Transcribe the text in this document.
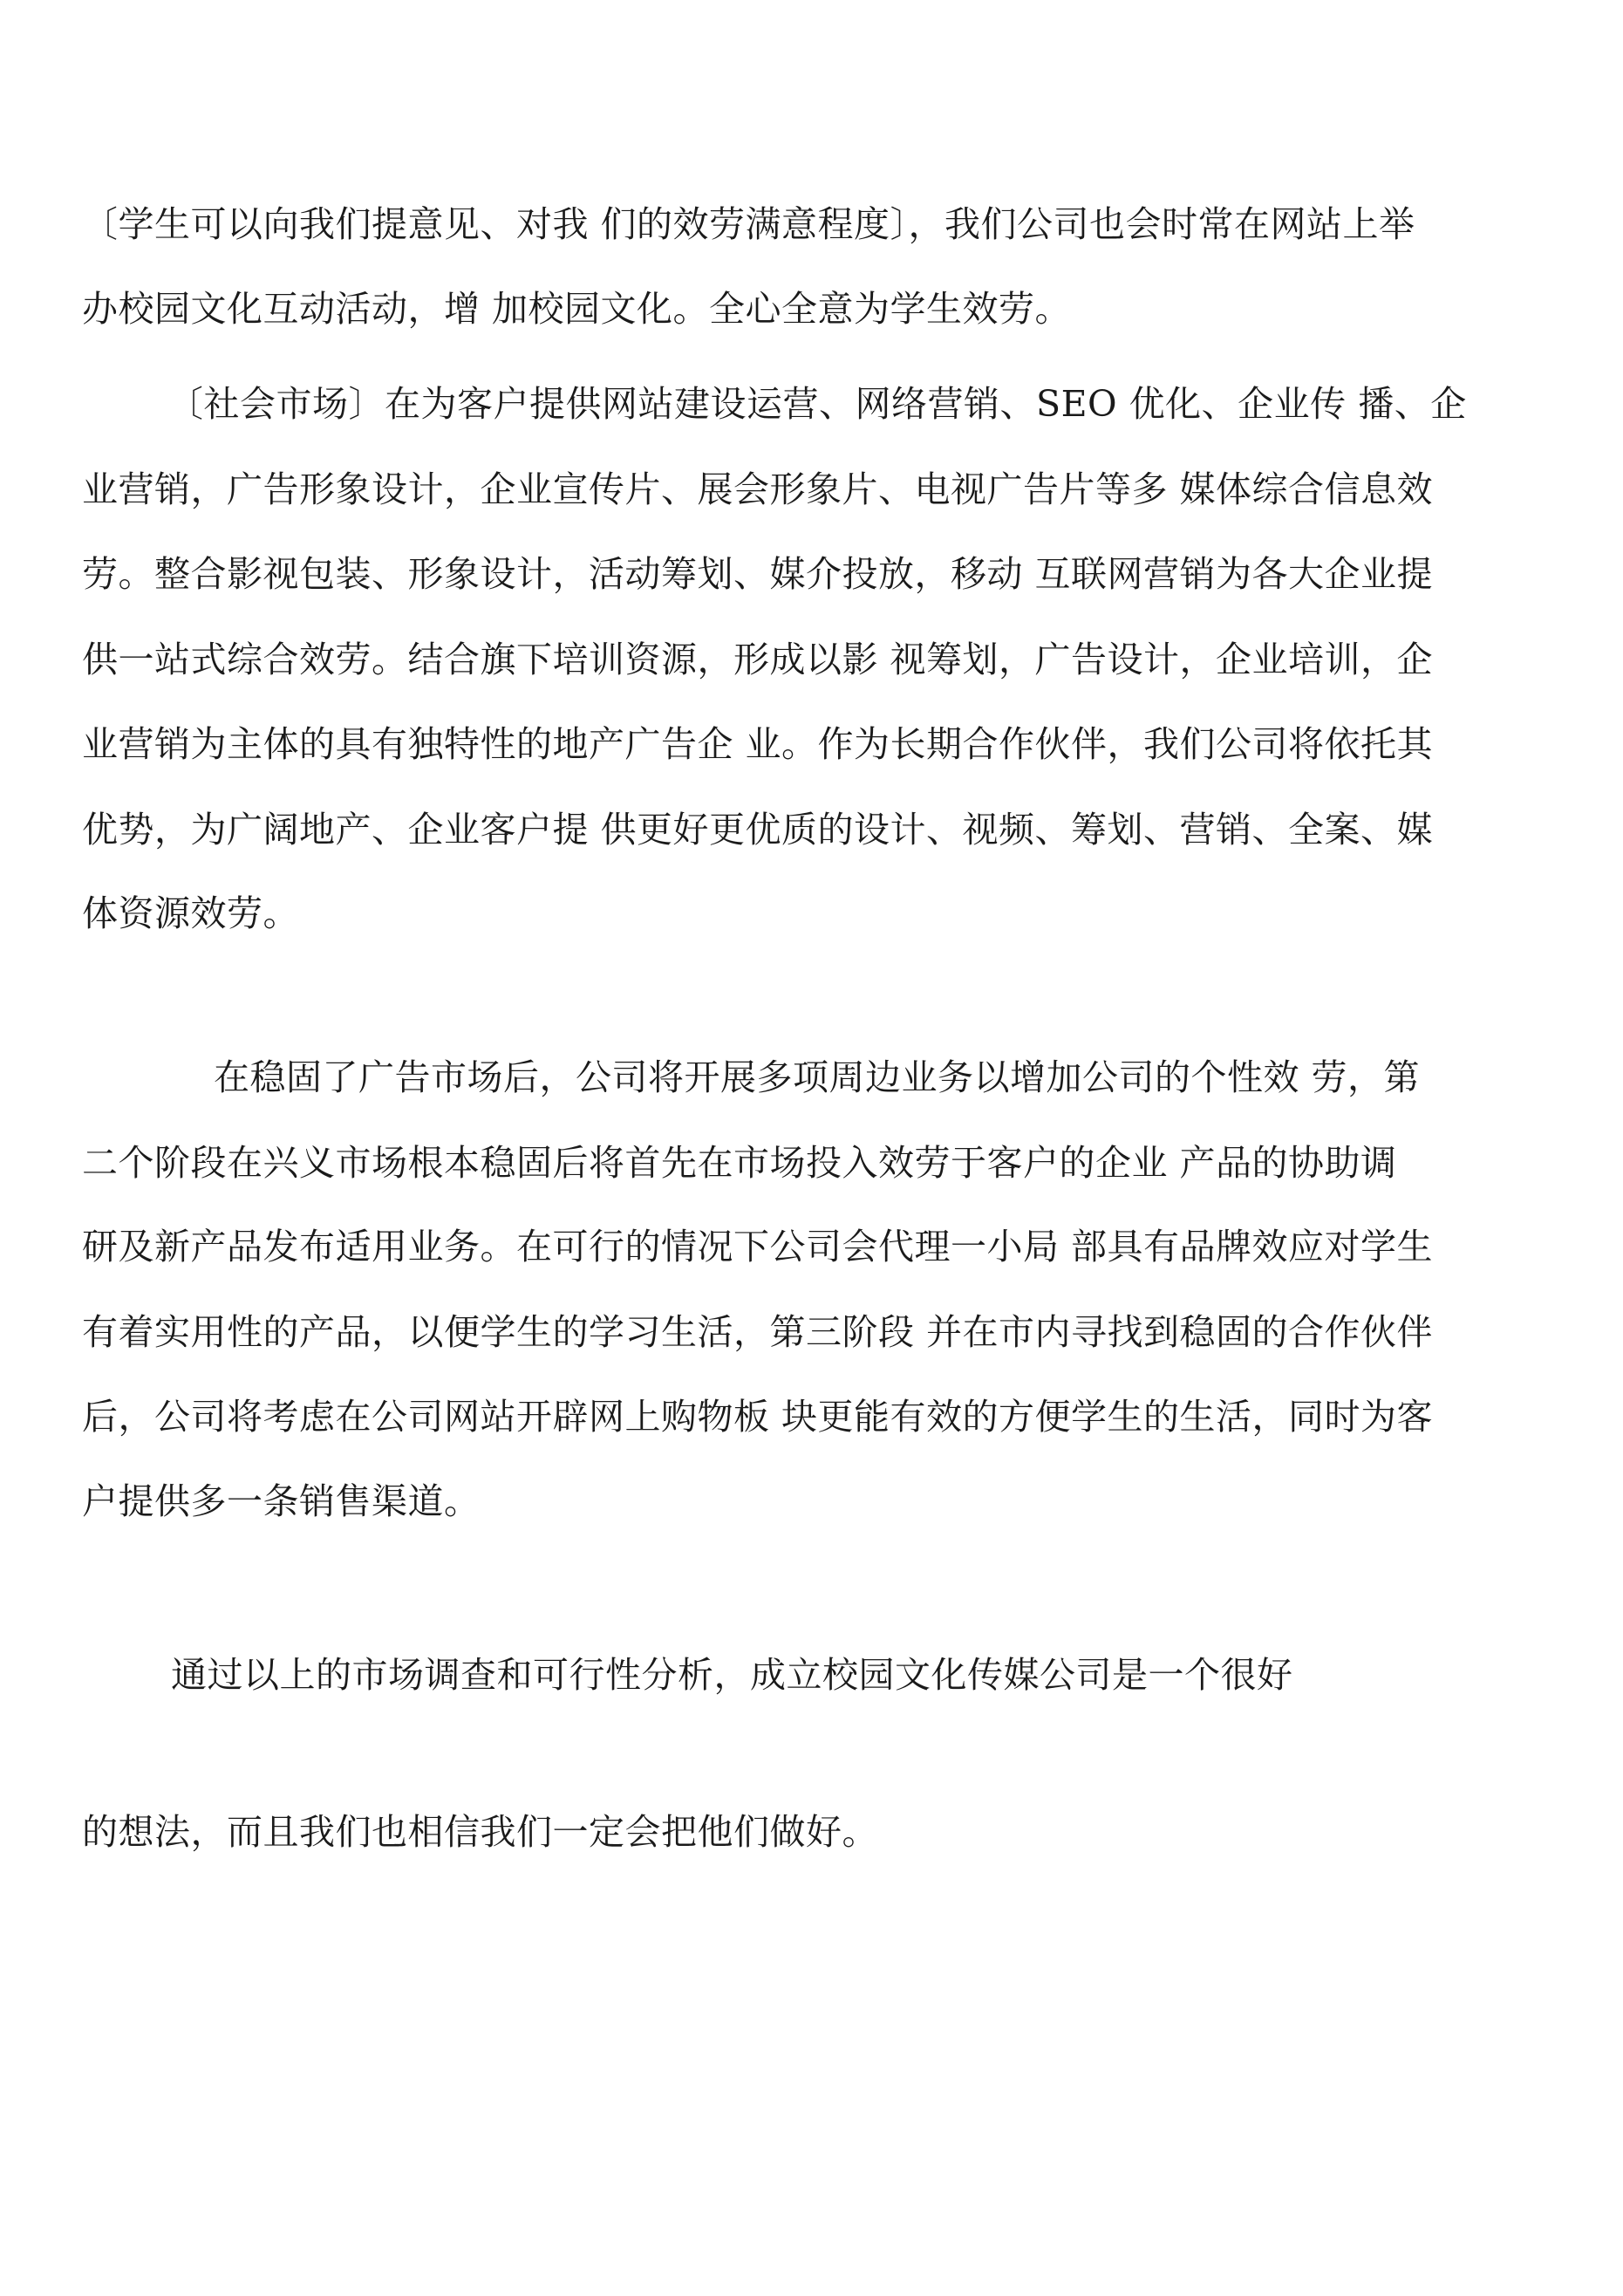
〔学生可以向我们提意见、对我 们的效劳满意程度〕，我们公司也会时常在网站上举
办校园文化互动活动，增 加校园文化。全心全意为学生效劳。
〔社会市场〕在为客户提供网站建设运营、网络营销、SEO 优化、企业传 播、企
业营销，广告形象设计，企业宣传片、展会形象片、电视广告片等多 媒体综合信息效
劳。整合影视包装、形象设计，活动筹划、媒介投放，移动 互联网营销为各大企业提
供一站式综合效劳。结合旗下培训资源，形成以影 视筹划，广告设计，企业培训，企
业营销为主体的具有独特性的地产广告企 业。作为长期合作伙伴，我们公司将依托其
优势，为广阔地产、企业客户提 供更好更优质的设计、视频、筹划、营销、全案、媒
体资源效劳。
在稳固了广告市场后，公司将开展多项周边业务以增加公司的个性效 劳，第
二个阶段在兴义市场根本稳固后将首先在市场投入效劳于客户的企业 产品的协助调
研及新产品发布适用业务。在可行的情况下公司会代理一小局 部具有品牌效应对学生
有着实用性的产品，以便学生的学习生活，第三阶段 并在市内寻找到稳固的合作伙伴
后，公司将考虑在公司网站开辟网上购物板 块更能有效的方便学生的生活，同时为客
户提供多一条销售渠道。
通过以上的市场调查和可行性分析，成立校园文化传媒公司是一个很好
的想法，而且我们也相信我们一定会把他们做好。
